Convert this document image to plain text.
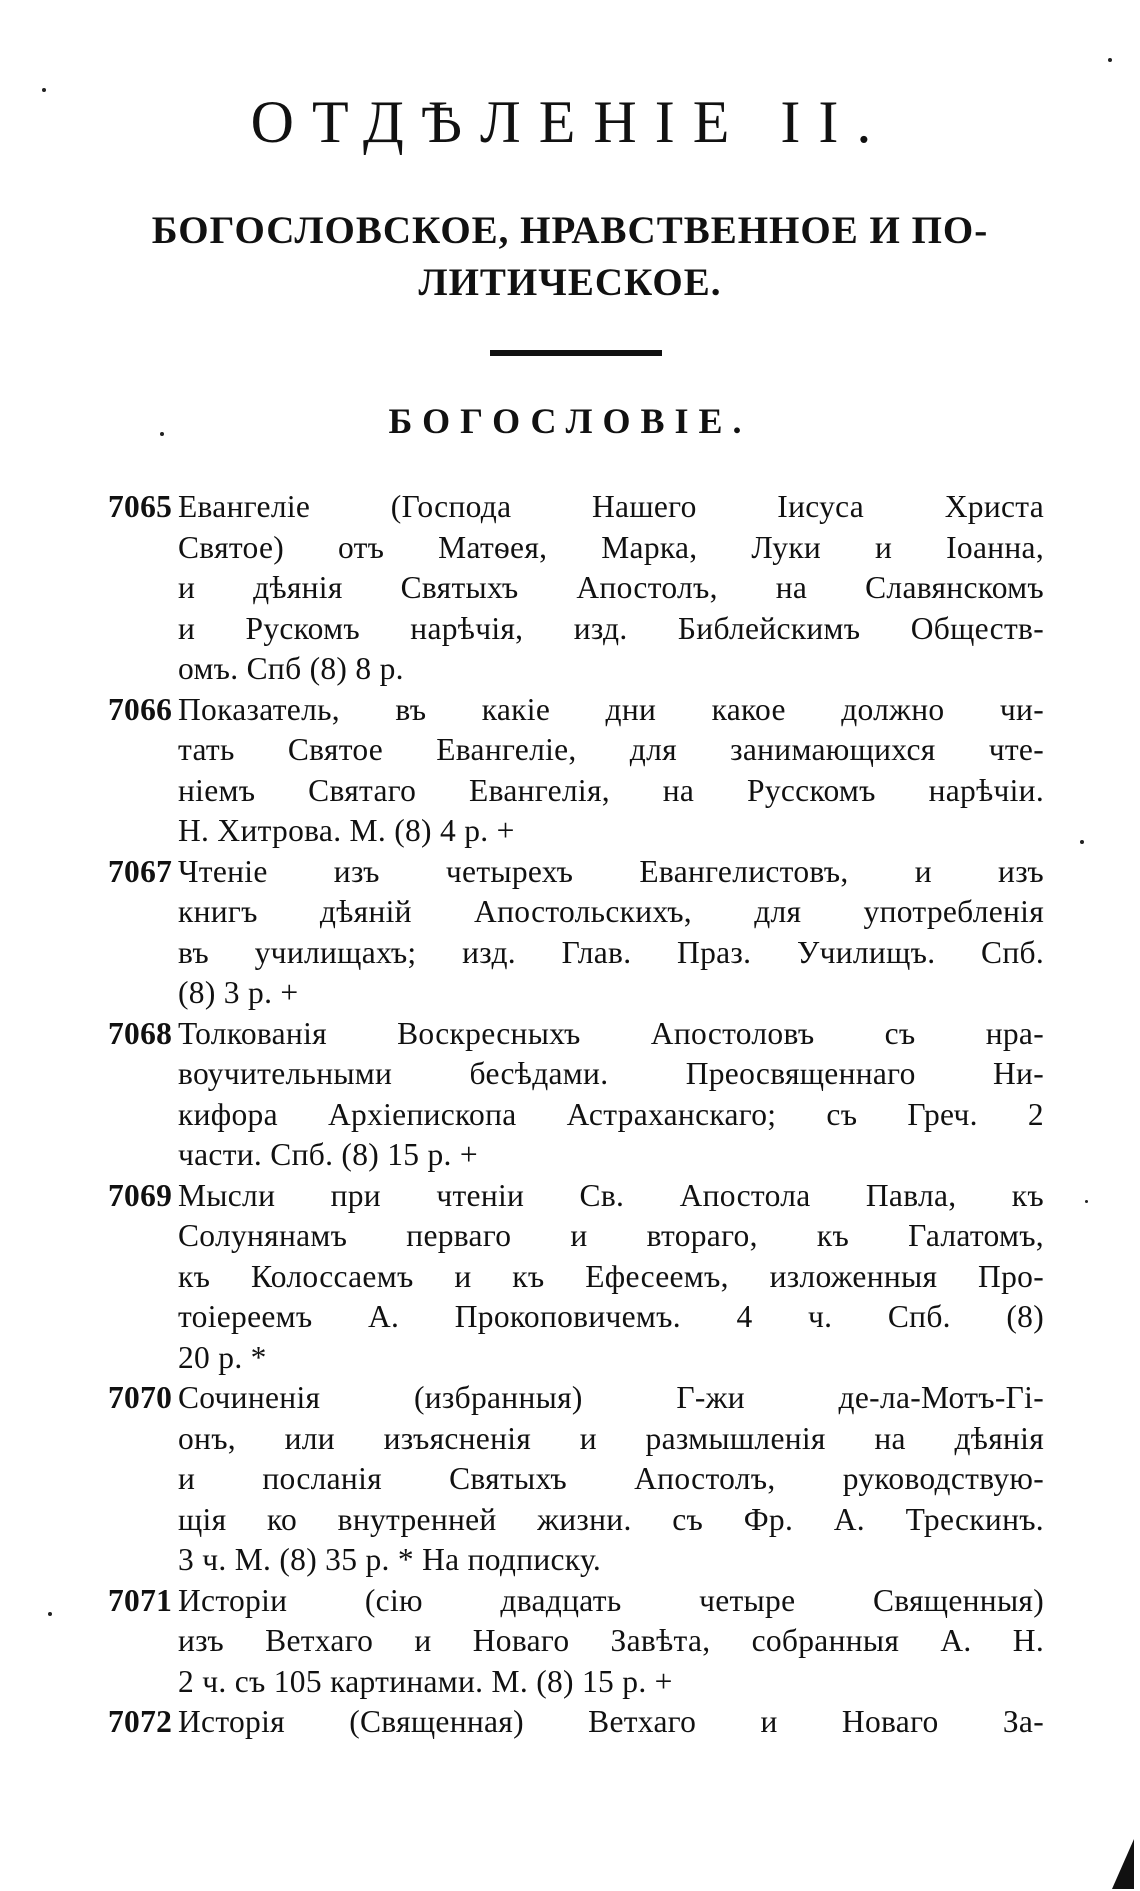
ОТДѢЛЕНІЕ II.
БОГОСЛОВСКОЕ, НРАВСТВЕННОЕ И ПО-
ЛИТИЧЕСКОЕ.
БОГОСЛОВІЕ.
7065 Евангеліе (Господа Нашего Іисуса Христа
Святое) отъ Матѳея, Марка, Луки и Іоанна,
и дѣянія Святыхъ Апостолъ, на Славянскомъ
и Рускомъ нарѣчія, изд. Библейскимъ Обществ-
омъ. Спб (8) 8 р.
7066 Показатель, въ какіе дни какое должно чи-
тать Святое Евангеліе, для занимающихся чте-
ніемъ Святаго Евангелія, на Русскомъ нарѣчіи.
Н. Хитрова. М. (8) 4 р. +
7067 Чтеніе изъ четырехъ Евангелистовъ, и изъ
книгъ дѣяній Апостольскихъ, для употребленія
въ училищахъ; изд. Глав. Праз. Училищъ. Спб.
(8) 3 р. +
7068 Толкованія Воскресныхъ Апостоловъ съ нра-
воучительными бесѣдами. Преосвященнаго Ни-
кифора Архіепископа Астраханскаго; съ Греч. 2
части. Спб. (8) 15 р. +
7069 Мысли при чтеніи Св. Апостола Павла, къ
Солунянамъ перваго и втораго, къ Галатомъ,
къ Колоссаемъ и къ Ефесеемъ, изложенныя Про-
тоіереемъ А. Прокоповичемъ. 4 ч. Спб. (8)
20 р. *
7070 Сочиненія (избранныя) Г-жи де-ла-Мотъ-Гі-
онъ, или изъясненія и размышленія на дѣянія
и посланія Святыхъ Апостолъ, руководствую-
щія ко внутренней жизни. съ Фр. А. Трескинъ.
3 ч. М. (8) 35 р. * На подписку.
7071 Исторіи (сію двадцать четыре Священныя)
изъ Ветхаго и Новаго Завѣта, собранныя А. Н.
2 ч. съ 105 картинами. М. (8) 15 р. +
7072 Исторія (Священная) Ветхаго и Новаго За-
